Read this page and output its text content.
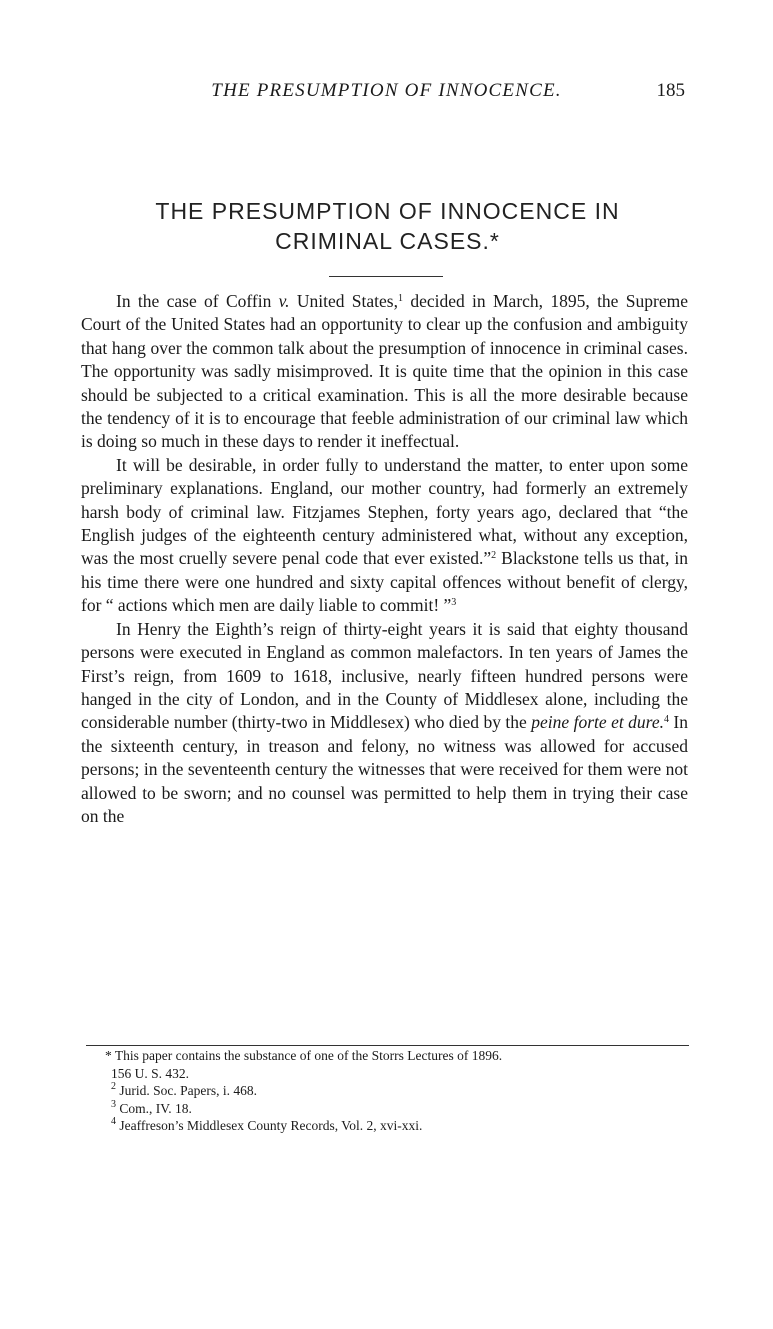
THE PRESUMPTION OF INNOCENCE.	185
THE PRESUMPTION OF INNOCENCE IN
CRIMINAL CASES.*

In the case of Coffin v. United States,$^1$ decided in March, 1895, the Supreme Court of the United States had an opportunity to clear up the confusion and ambiguity that hang over the common talk about the presumption of innocence in criminal cases. The opportunity was sadly misimproved. It is quite time that the opinion in this case should be subjected to a critical examination. This is all the more desirable because the tendency of it is to encourage that feeble administration of our criminal law which is doing so much in these days to render it ineffectual.

It will be desirable, in order fully to understand the matter, to enter upon some preliminary explanations. England, our mother country, had formerly an extremely harsh body of criminal law. Fitzjames Stephen, forty years ago, declared that “the English judges of the eighteenth century administered what, without any exception, was the most cruelly severe penal code that ever existed.”$^2$ Blackstone tells us that, in his time there were one hundred and sixty capital offences without benefit of clergy, for “ actions which men are daily liable to commit! ”$^3$

In Henry the Eighth’s reign of thirty-eight years it is said that eighty thousand persons were executed in England as common malefactors. In ten years of James the First’s reign, from 1609 to 1618, inclusive, nearly fifteen hundred persons were hanged in the city of London, and in the County of Middlesex alone, including the considerable number (thirty-two in Middlesex) who died by the peine forte et dure.$^4$ In the sixteenth century, in treason and felony, no witness was allowed for accused persons; in the seventeenth century the witnesses that were received for them were not allowed to be sworn; and no counsel was permitted to help them in trying their case on the

* This paper contains the substance of one of the Storrs Lectures of 1896.
156 U. S. 432.
$^2$ Jurid. Soc. Papers, i. 468.
$^3$ Com., IV. 18.
$^4$ Jeaffreson’s Middlesex County Records, Vol. 2, xvi-xxi.
